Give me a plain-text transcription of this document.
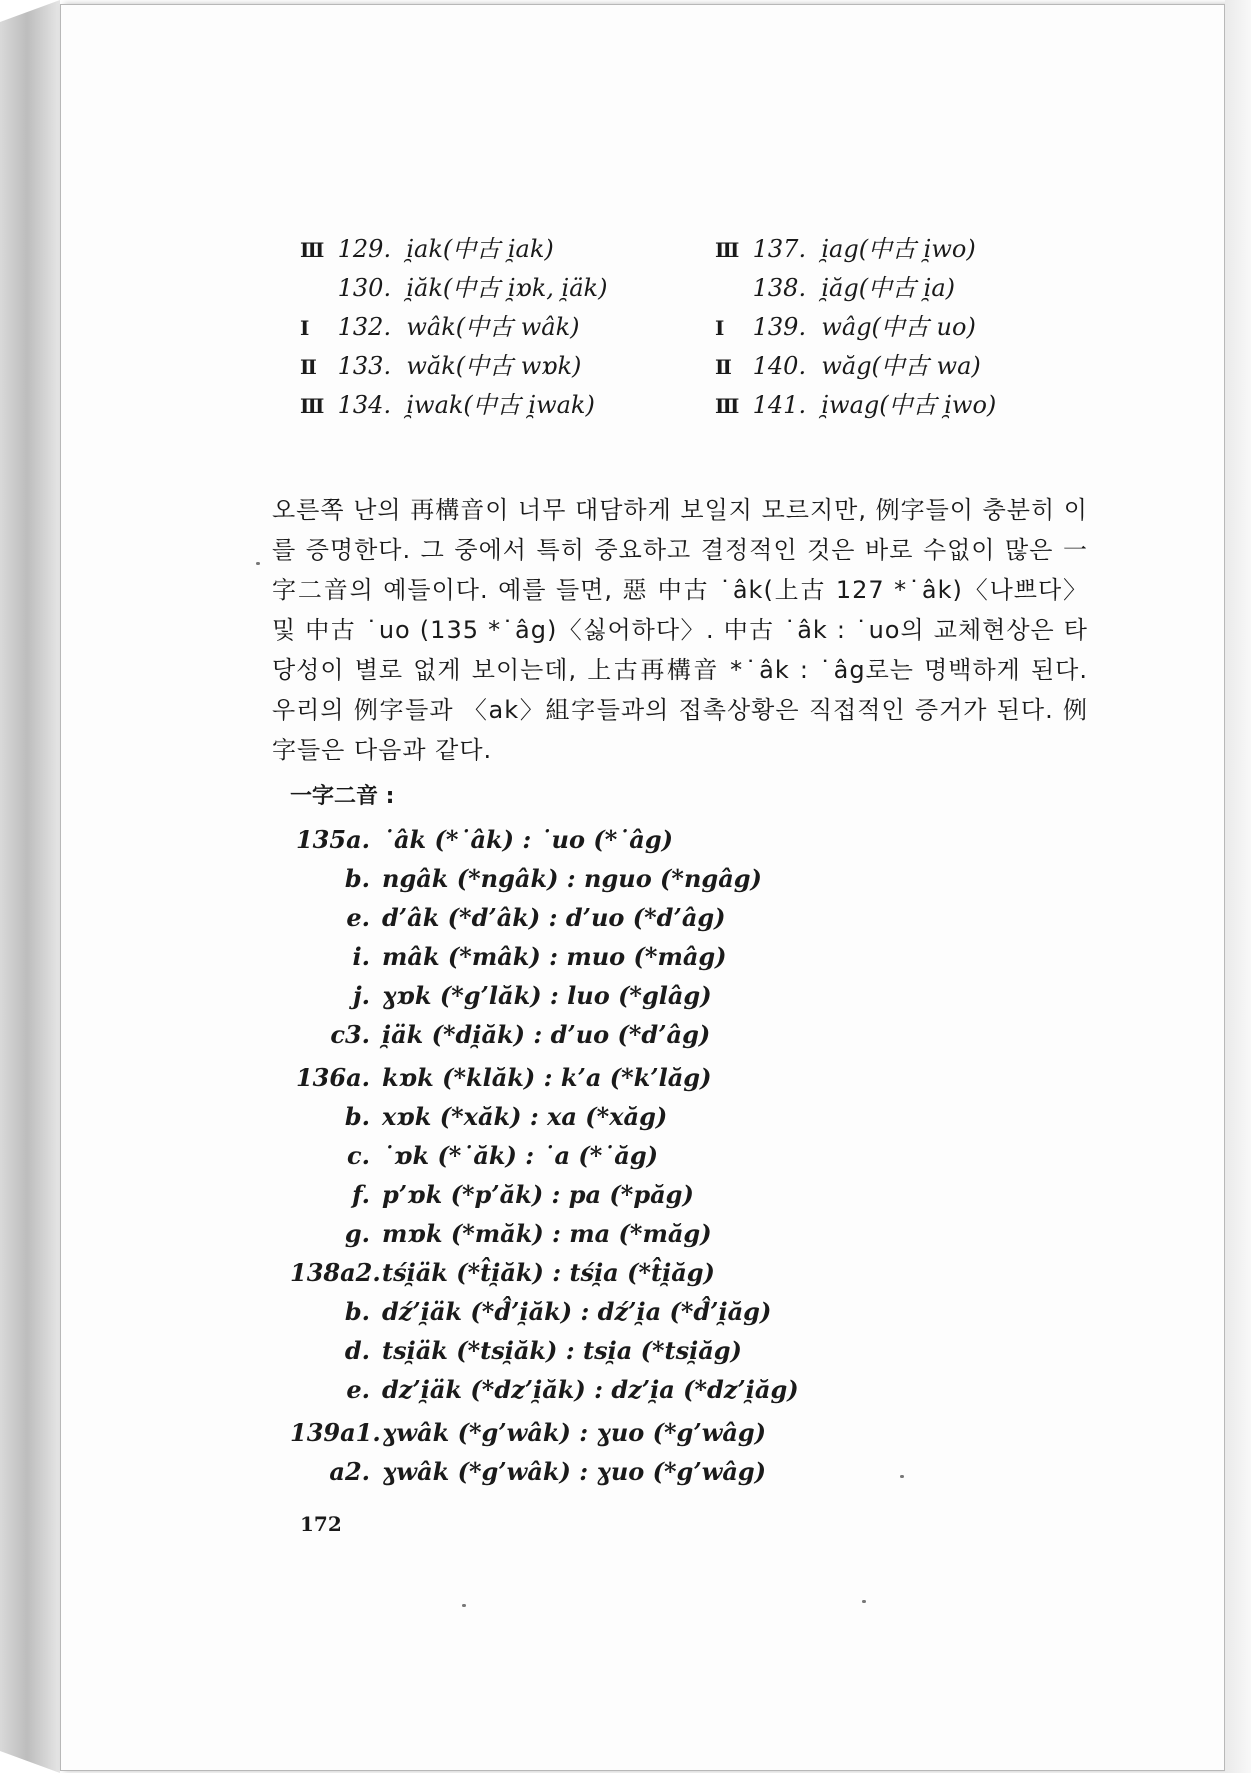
Ⅲ 129. i̯ak(中古 i̯ak)	Ⅲ 137. i̯ag(中古 i̯wo)
130. i̯ăk(中古 i̯ɒk, i̯äk)	138. i̯ăg(中古 i̯a)
Ⅰ 132. wâk(中古 wâk)	Ⅰ 139. wâg(中古 uo)
Ⅱ 133. wăk(中古 wɒk)	Ⅱ 140. wăg(中古 wa)
Ⅲ 134. i̯wak(中古 i̯wak)	Ⅲ 141. i̯wag(中古 i̯wo)

오른쪽 난의 再構音이 너무 대담하게 보일지 모르지만, 例字들이 충분히 이를 증명한다. 그 중에서 특히 중요하고 결정적인 것은 바로 수없이 많은 一字二音의 예들이다. 예를 들면, 惡 中古 ˙âk(上古 127 *˙âk)〈나쁘다〉 및 中古 ˙uo (135 *˙âg)〈싫어하다〉. 中古 ˙âk : ˙uo의 교체현상은 타당성이 별로 없게 보이는데, 上古再構音 *˙âk : ˙âg로는 명백하게 된다. 우리의 例字들과 〈ak〉組字들과의 접촉상황은 직접적인 증거가 된다. 例字들은 다음과 같다.

一字二音 :
135a. ˙âk (*˙âk) : ˙uo (*˙âg)
b. ngâk (*ngâk) : nguo (*ngâg)
e. d’âk (*d’âk) : d’uo (*d’âg)
i. mâk (*mâk) : muo (*mâg)
j. ɣɒk (*g’lăk) : luo (*glâg)
c3. i̯äk (*di̯ăk) : d’uo (*d’âg)
136a. kɒk (*klăk) : k’a (*k’lăg)
b. xɒk (*xăk) : xa (*xăg)
c. ˙ɒk (*˙ăk) : ˙a (*˙ăg)
f. p’ɒk (*p’ăk) : pa (*păg)
g. mɒk (*măk) : ma (*măg)
138a2.tśi̯äk (*t̂i̯ăk) : tśi̯a (*t̂i̯ăg)
b. dź’i̯äk (*d̂’i̯ăk) : dź’i̯a (*d̂’i̯ăg)
d. tsi̯äk (*tsi̯ăk) : tsi̯a (*tsi̯ăg)
e. dz’i̯äk (*dz’i̯ăk) : dz’i̯a (*dz’i̯ăg)
139a1.ɣwâk (*g’wâk) : ɣuo (*g’wâg)
a2. ɣwâk (*g’wâk) : ɣuo (*g’wâg)
172
